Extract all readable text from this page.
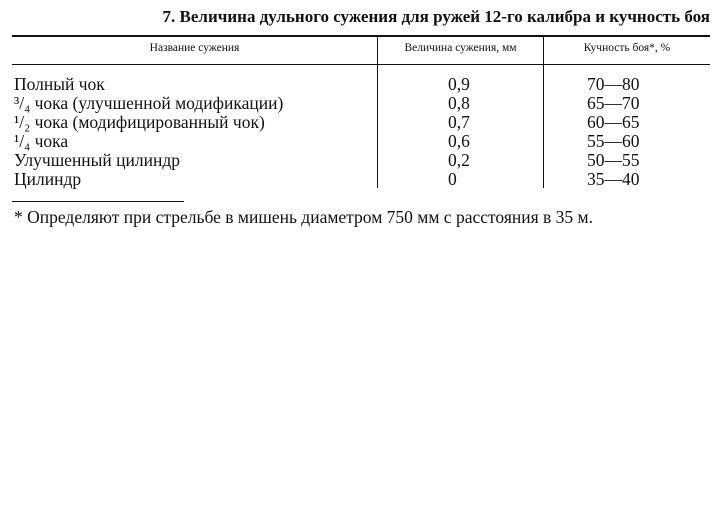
7. Величина дульного сужения для ружей 12-го калибра и кучность боя
Название сужения	Величина сужения, мм	Кучность боя*, %
Полный чок	0,9	70—80
³/₄ чока (улучшенной модификации)	0,8	65—70
¹/₂ чока (модифицированный чок)	0,7	60—65
¹/₄ чока	0,6	55—60
Улучшенный цилиндр	0,2	50—55
Цилиндр	0	35—40
* Определяют при стрельбе в мишень диаметром 750 мм с расстояния в 35 м.
